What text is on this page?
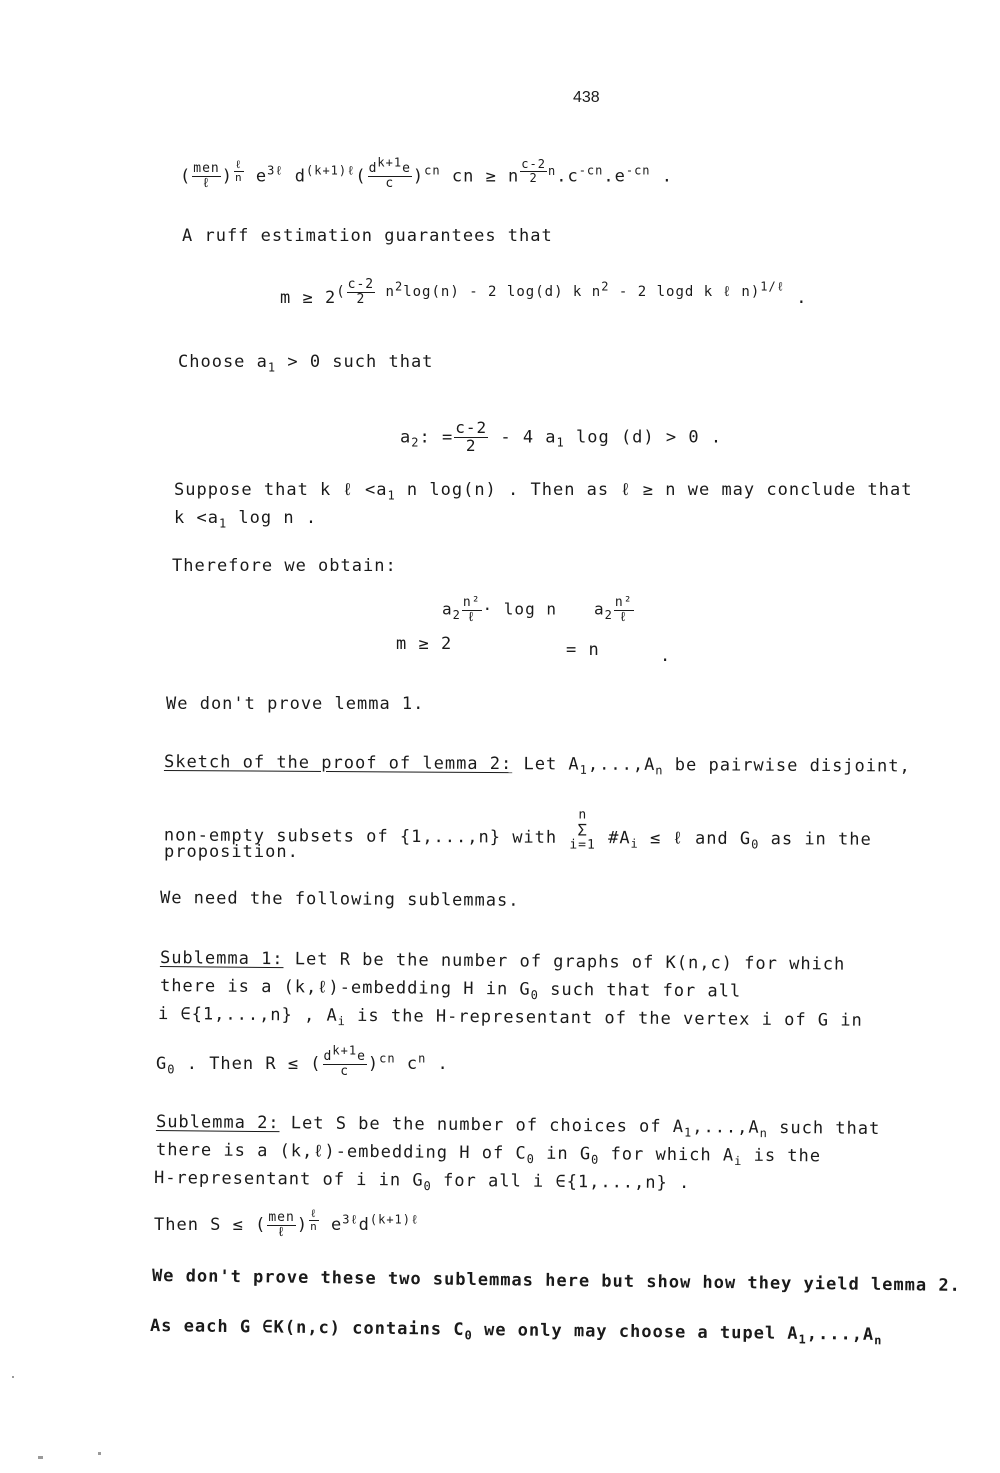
438
( $\frac{\text{men}}{\text{ℓ}}$ ) $^{\frac{\text{ℓ}}{n}}$ $e^{3\ell}$ $d^{(k+1)\ell}( \frac{d^{k+1}e}{c} )^{cn}$ cn ≥ n $^{\frac{c-2}{2} n}.c^{-cn}.e^{-cn}$ .
A ruff estimation guarantees that
$m \ge 2^{( \frac{c-2}{2} n^2log(n) - 2 log(d) k n^2 - 2 logd k \ell n)^{1/\ell}}$ .
Choose $a_1 > 0$ such that
$a_2$: = $\frac{c-2}{2} - 4$ $a_1$ log (d) > 0 .
Suppose that k ℓ $<a_1$ n log(n) . Then as ℓ ≥ n we may conclude that
$k <a_1$ log n .
Therefore we obtain:
m ≥ 2
$a_2 \frac{\text{n²}}{\text{ℓ}} \cdot \log n$
= n
$a_2 \frac{\text{n²}}{\text{ℓ}}$
.
We don't prove lemma 1.
Sketch of the proof of lemma 2: Let $A_1,...,A_n$ be pairwise disjoint,
non-empty subsets of {1,...,n} with
n
Σ
i=1 $\#A_i$ ≤ ℓ and $G_0$ as in the
proposition.
We need the following sublemmas.
Sublemma 1: Let R be the number of graphs of K(n,c) for which
there is a (k,ℓ)-embedding H in $G_0$ such that for all
i ∈{1,...,n} , $A_i$ is the H-representant of the vertex i of G in
$G_0$ . Then R ≤ ( $\frac{d^{k+1}e}{c} )^{cn}$ $c^n$ .
Sublemma 2: Let S be the number of choices of $A_1,...,A_n$ such that
there is a (k,ℓ)-embedding H of $C_0$ in $G_0$ for which $A_i$ is the
H-representant of i in $G_0$ for all i ∈{1,...,n} .
Then S ≤ ( $\frac{\text{men}}{\text{ℓ}}$ ) $^{\frac{\text{ℓ}}{n}}$ $e^{3\ell}d^{(k+1)\ell}$
We don't prove these two sublemmas here but show how they yield lemma 2.
As each G ∈K(n,c) contains $C_0$ we only may choose a tupel $A_1,...,A_n$
